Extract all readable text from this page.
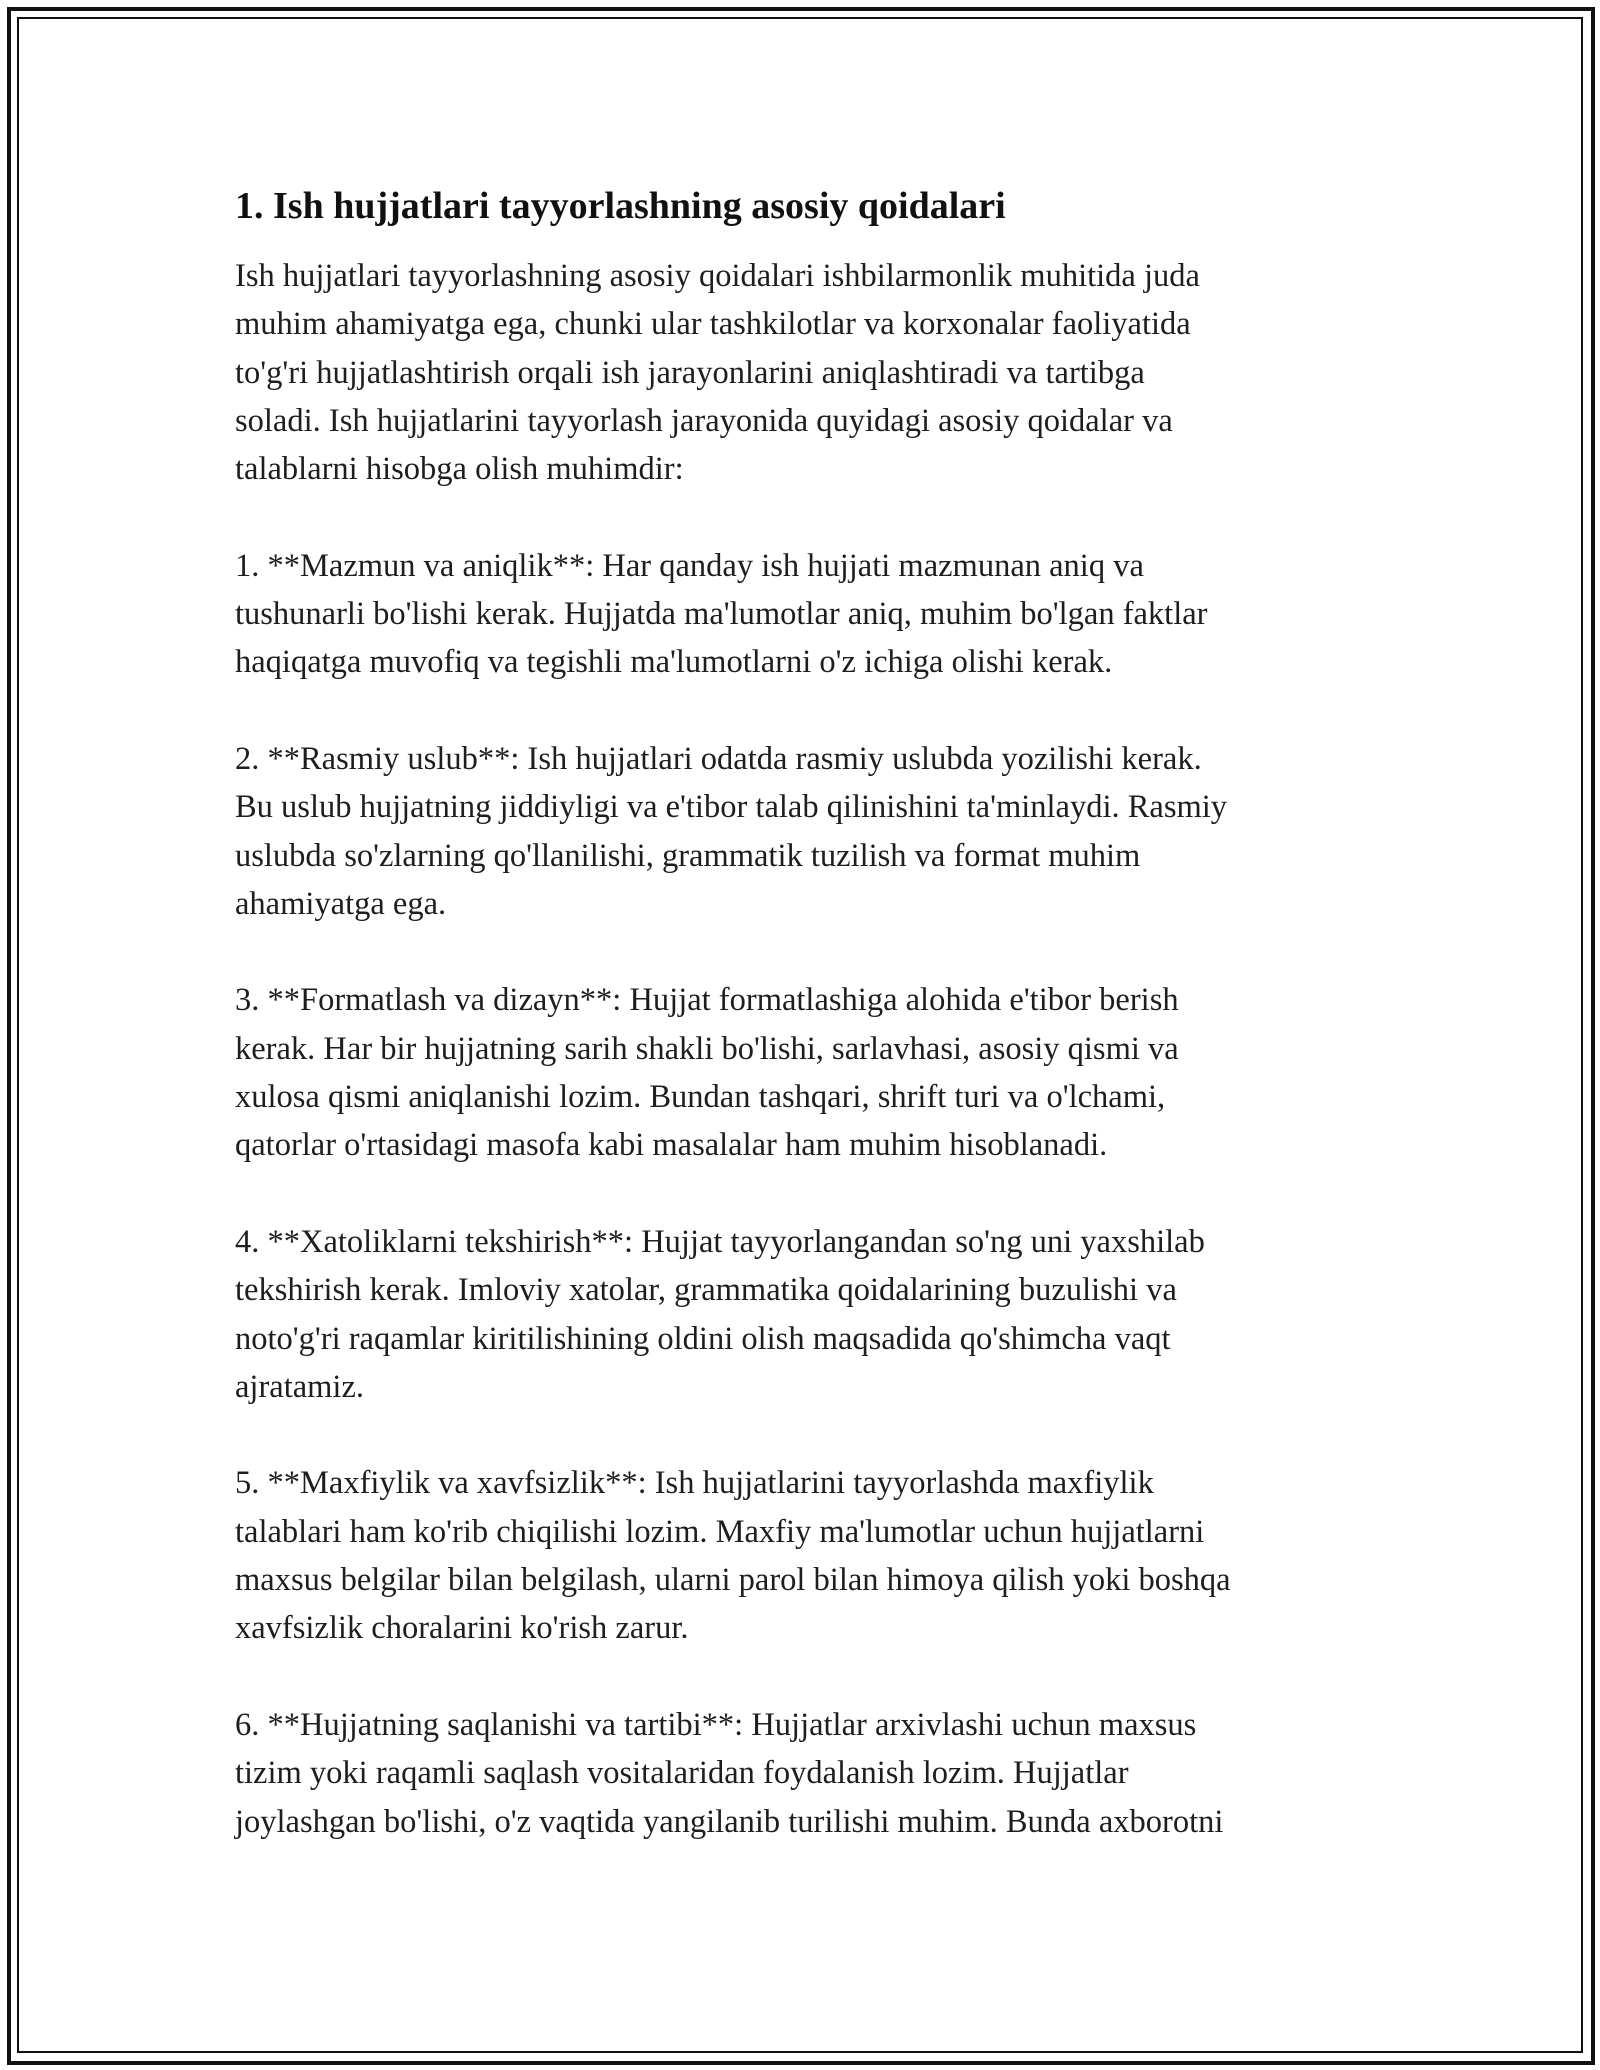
1. Ish hujjatlari tayyorlashning asosiy qoidalari

Ish hujjatlari tayyorlashning asosiy qoidalari ishbilarmonlik muhitida juda
muhim ahamiyatga ega, chunki ular tashkilotlar va korxonalar faoliyatida
to'g'ri hujjatlashtirish orqali ish jarayonlarini aniqlashtiradi va tartibga
soladi. Ish hujjatlarini tayyorlash jarayonida quyidagi asosiy qoidalar va
talablarni hisobga olish muhimdir:

1. **Mazmun va aniqlik**: Har qanday ish hujjati mazmunan aniq va
tushunarli bo'lishi kerak. Hujjatda ma'lumotlar aniq, muhim bo'lgan faktlar
haqiqatga muvofiq va tegishli ma'lumotlarni o'z ichiga olishi kerak.

2. **Rasmiy uslub**: Ish hujjatlari odatda rasmiy uslubda yozilishi kerak.
Bu uslub hujjatning jiddiyligi va e'tibor talab qilinishini ta'minlaydi. Rasmiy
uslubda so'zlarning qo'llanilishi, grammatik tuzilish va format muhim
ahamiyatga ega.

3. **Formatlash va dizayn**: Hujjat formatlashiga alohida e'tibor berish
kerak. Har bir hujjatning sarih shakli bo'lishi, sarlavhasi, asosiy qismi va
xulosa qismi aniqlanishi lozim. Bundan tashqari, shrift turi va o'lchami,
qatorlar o'rtasidagi masofa kabi masalalar ham muhim hisoblanadi.

4. **Xatoliklarni tekshirish**: Hujjat tayyorlangandan so'ng uni yaxshilab
tekshirish kerak. Imloviy xatolar, grammatika qoidalarining buzulishi va
noto'g'ri raqamlar kiritilishining oldini olish maqsadida qo'shimcha vaqt
ajratamiz.

5. **Maxfiylik va xavfsizlik**: Ish hujjatlarini tayyorlashda maxfiylik
talablari ham ko'rib chiqilishi lozim. Maxfiy ma'lumotlar uchun hujjatlarni
maxsus belgilar bilan belgilash, ularni parol bilan himoya qilish yoki boshqa
xavfsizlik choralarini ko'rish zarur.

6. **Hujjatning saqlanishi va tartibi**: Hujjatlar arxivlashi uchun maxsus
tizim yoki raqamli saqlash vositalaridan foydalanish lozim. Hujjatlar
joylashgan bo'lishi, o'z vaqtida yangilanib turilishi muhim. Bunda axborotni
